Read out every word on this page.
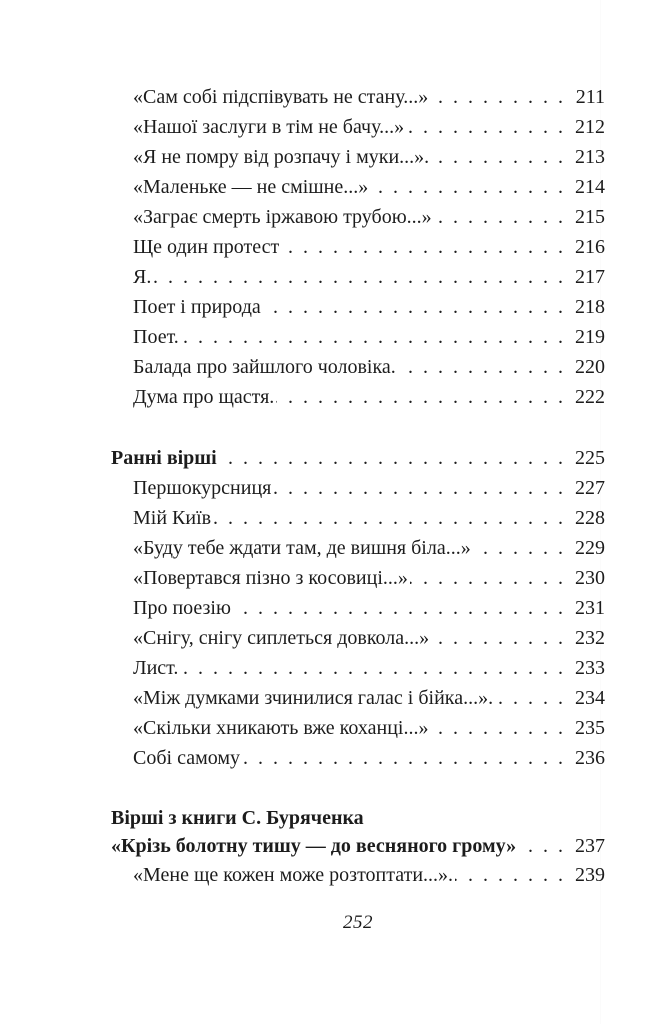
«Сам собі підспівувать не стану...» . . .	211
«Нашої заслуги в тім не бачу...» . . .	212
«Я не помру від розпачу і муки...». . . .	213
«Маленьке — не смішне...» . . .	214
«Заграє смерть іржавою трубою...» . . .	215
Ще один протест . . .	216
Я. . . .	217
Поет і природа . . .	218
Поет. . . .	219
Балада про зайшлого чоловіка. . . .	220
Дума про щастя. . . .	222
Ранні вірші . . .	225
Першокурсниця . . .	227
Мій Київ . . .	228
«Буду тебе ждати там, де вишня біла...» . . .	229
«Повертався пізно з косовиці...» . . .	230
Про поезію . . .	231
«Снігу, снігу сиплеться довкола...» . . .	232
Лист. . . .	233
«Між думками зчинилися галас і бійка...». . . .	234
«Скільки хникають вже коханці...» . . .	235
Собі самому . . .	236
Вірші з книги С. Буряченка
«Крізь болотну тишу — до весняного грому» . . .	237
«Мене ще кожен може розтоптати...». . . .	239
252
